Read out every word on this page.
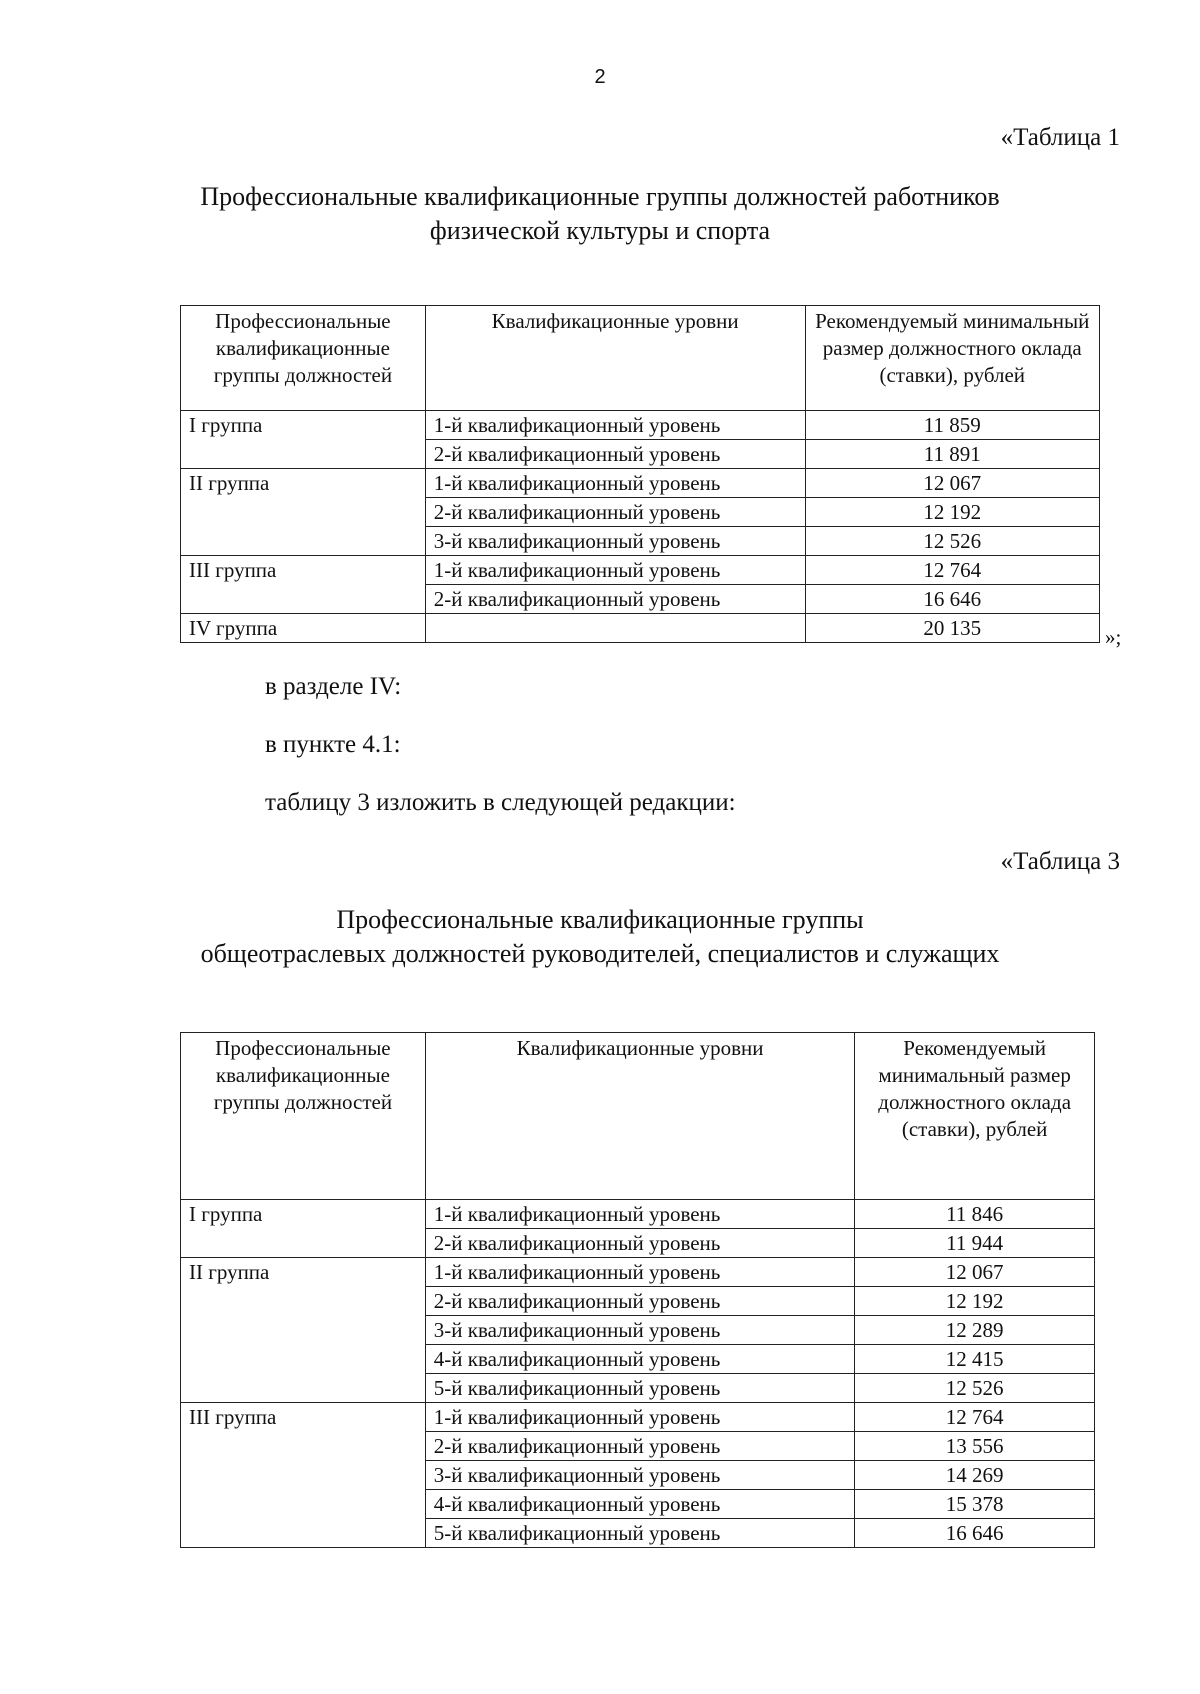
2
«Таблица 1
Профессиональные квалификационные группы должностей работников
физической культуры и спорта
Профессиональные квалификационные группы должностей	Квалификационные уровни	Рекомендуемый минимальный размер должностного оклада (ставки), рублей
I группа	1-й квалификационный уровень	11 859
	2-й квалификационный уровень	11 891
II группа	1-й квалификационный уровень	12 067
	2-й квалификационный уровень	12 192
	3-й квалификационный уровень	12 526
III группа	1-й квалификационный уровень	12 764
	2-й квалификационный уровень	16 646
IV группа		20 135	»;
в разделе IV:
в пункте 4.1:
таблицу 3 изложить в следующей редакции:
«Таблица 3
Профессиональные квалификационные группы
общеотраслевых должностей руководителей, специалистов и служащих
Профессиональные квалификационные группы должностей	Квалификационные уровни	Рекомендуемый минимальный размер должностного оклада (ставки), рублей
I группа	1-й квалификационный уровень	11 846
	2-й квалификационный уровень	11 944
II группа	1-й квалификационный уровень	12 067
	2-й квалификационный уровень	12 192
	3-й квалификационный уровень	12 289
	4-й квалификационный уровень	12 415
	5-й квалификационный уровень	12 526
III группа	1-й квалификационный уровень	12 764
	2-й квалификационный уровень	13 556
	3-й квалификационный уровень	14 269
	4-й квалификационный уровень	15 378
	5-й квалификационный уровень	16 646
